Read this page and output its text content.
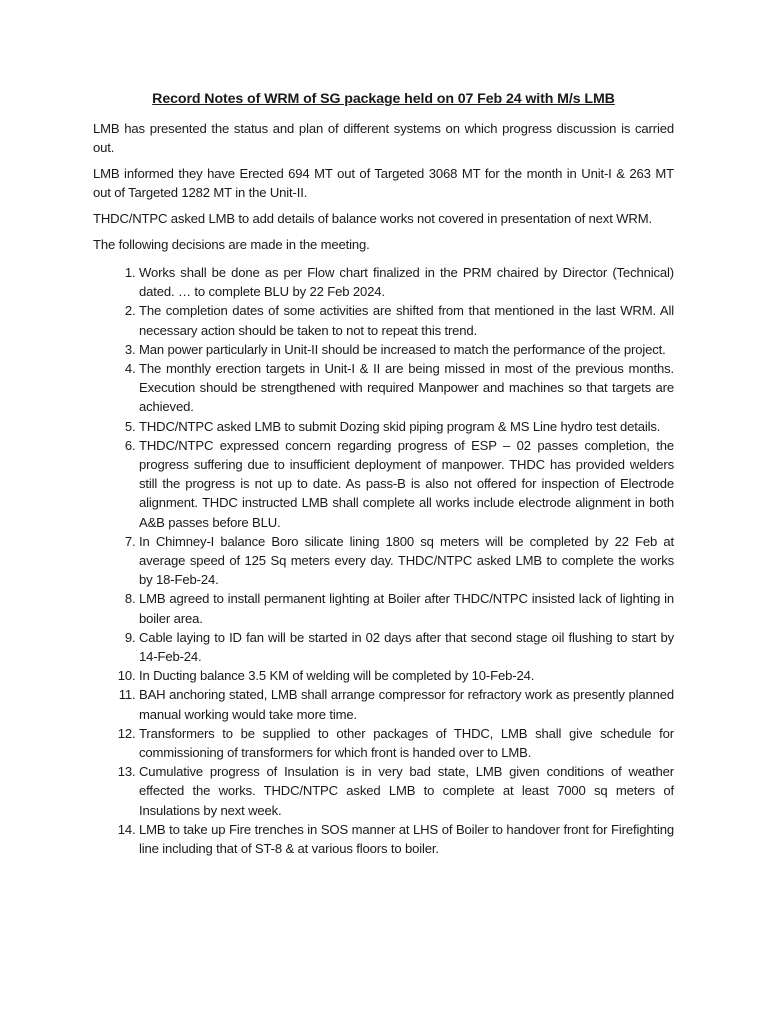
Record Notes of WRM of SG package held on 07 Feb 24 with M/s LMB

LMB has presented the status and plan of different systems on which progress discussion is carried out.

LMB informed they have Erected 694 MT out of Targeted 3068 MT for the month in Unit-I & 263 MT out of Targeted 1282 MT in the Unit-II.

THDC/NTPC asked LMB to add details of balance works not covered in presentation of next WRM.

The following decisions are made in the meeting.

1. Works shall be done as per Flow chart finalized in the PRM chaired by Director (Technical) dated. … to complete BLU by 22 Feb 2024.
2. The completion dates of some activities are shifted from that mentioned in the last WRM. All necessary action should be taken to not to repeat this trend.
3. Man power particularly in Unit-II should be increased to match the performance of the project.
4. The monthly erection targets in Unit-I & II are being missed in most of the previous months. Execution should be strengthened with required Manpower and machines so that targets are achieved.
5. THDC/NTPC asked LMB to submit Dozing skid piping program & MS Line hydro test details.
6. THDC/NTPC expressed concern regarding progress of ESP – 02 passes completion, the progress suffering due to insufficient deployment of manpower. THDC has provided welders still the progress is not up to date. As pass-B is also not offered for inspection of Electrode alignment. THDC instructed LMB shall complete all works include electrode alignment in both A&B passes before BLU.
7. In Chimney-I balance Boro silicate lining 1800 sq meters will be completed by 22 Feb at average speed of 125 Sq meters every day. THDC/NTPC asked LMB to complete the works by 18-Feb-24.
8. LMB agreed to install permanent lighting at Boiler after THDC/NTPC insisted lack of lighting in boiler area.
9. Cable laying to ID fan will be started in 02 days after that second stage oil flushing to start by 14-Feb-24.
10. In Ducting balance 3.5 KM of welding will be completed by 10-Feb-24.
11. BAH anchoring stated, LMB shall arrange compressor for refractory work as presently planned manual working would take more time.
12. Transformers to be supplied to other packages of THDC, LMB shall give schedule for commissioning of transformers for which front is handed over to LMB.
13. Cumulative progress of Insulation is in very bad state, LMB given conditions of weather effected the works. THDC/NTPC asked LMB to complete at least 7000 sq meters of Insulations by next week.
14. LMB to take up Fire trenches in SOS manner at LHS of Boiler to handover front for Firefighting line including that of ST-8 & at various floors to boiler.
